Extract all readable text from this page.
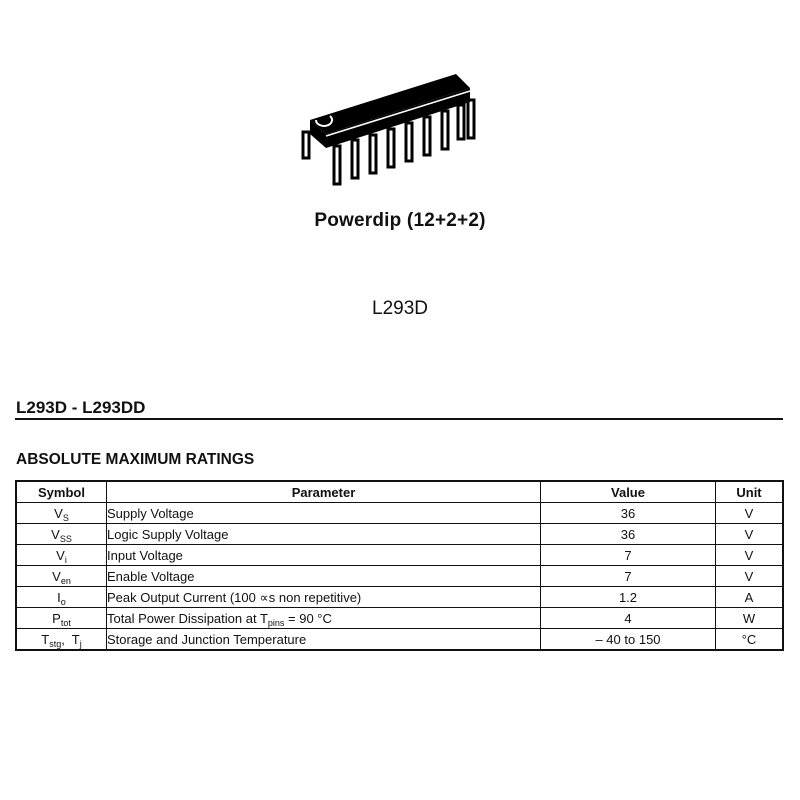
Powerdip (12+2+2)
L293D
L293D - L293DD
ABSOLUTE MAXIMUM RATINGS
Symbol	Parameter	Value	Unit
$V_S$	Supply Voltage	36	V
$V_{SS}$	Logic Supply Voltage	36	V
$V_i$	Input Voltage	7	V
$V_{en}$	Enable Voltage	7	V
$I_o$	Peak Output Current (100 ∝s non repetitive)	1.2	A
$P_{tot}$	Total Power Dissipation at $T_{pins} = 90$ °C	4	W
$T_{stg}$,  $T_j$	Storage and Junction Temperature	– 40 to 150	°C
